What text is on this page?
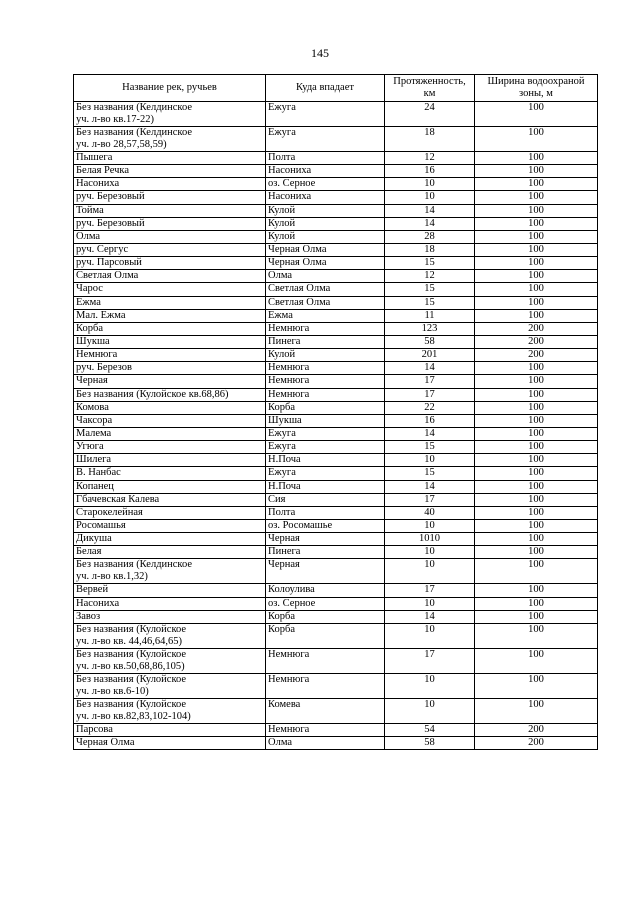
145
Название рек, ручьев	Куда впадает	Протяженность, км	Ширина водоохраной зоны, м
Без названия (Келдинское
уч. л-во кв.17-22)	Ежуга	24	100
Без названия (Келдинское
уч. л-во 28,57,58,59)	Ежуга	18	100
Пышега	Полта	12	100
Белая Речка	Насониха	16	100
Насониха	оз. Серное	10	100
руч. Березовый	Насониха	10	100
Тойма	Кулой	14	100
руч. Березовый	Кулой	14	100
Олма	Кулой	28	100
руч. Сергус	Черная Олма	18	100
руч. Парсовый	Черная Олма	15	100
Светлая Олма	Олма	12	100
Чарос	Светлая Олма	15	100
Ежма	Светлая Олма	15	100
Мал. Ежма	Ежма	11	100
Корба	Немнюга	123	200
Шукша	Пинега	58	200
Немнюга	Кулой	201	200
руч. Березов	Немнюга	14	100
Черная	Немнюга	17	100
Без названия (Кулойское кв.68,86)	Немнюга	17	100
Комова	Корба	22	100
Чаксора	Шукша	16	100
Малема	Ежуга	14	100
Угюга	Ежуга	15	100
Шилега	Н.Поча	10	100
В. Нанбас	Ежуга	15	100
Копанец	Н.Поча	14	100
Гбачевская Калева	Сия	17	100
Старокелейная	Полта	40	100
Росомашья	оз. Росомашье	10	100
Дикуша	Черная	1010	100
Белая	Пинега	10	100
Без названия (Келдинское
уч. л-во кв.1,32)	Черная	10	100
Вервей	Колоулива	17	100
Насониха	оз. Серное	10	100
Завоз	Корба	14	100
Без названия (Кулойское
уч. л-во кв. 44,46,64,65)	Корба	10	100
Без названия (Кулойское
уч. л-во кв.50,68,86,105)	Немнюга	17	100
Без названия (Кулойское
уч. л-во кв.6-10)	Немнюга	10	100
Без названия (Кулойское
уч. л-во кв.82,83,102-104)	Комева	10	100
Парсова	Немнюга	54	200
Черная Олма	Олма	58	200
